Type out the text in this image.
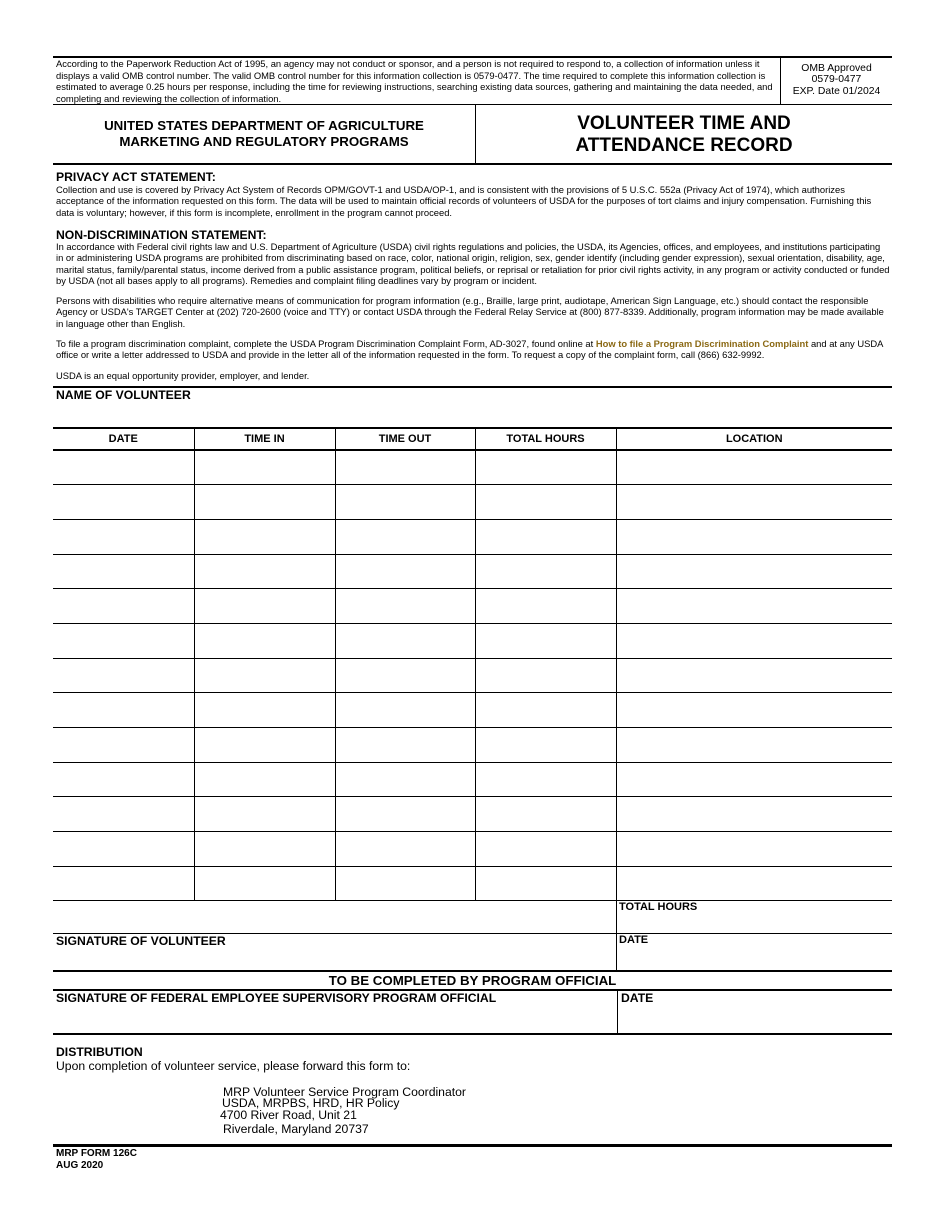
According to the Paperwork Reduction Act of 1995, an agency may not conduct or sponsor, and a person is not required to respond to, a collection of information unless it displays a valid OMB control number. The valid OMB control number for this information collection is 0579-0477. The time required to complete this information collection is estimated to average 0.25 hours per response, including the time for reviewing instructions, searching existing data sources, gathering and maintaining the data needed, and completing and reviewing the collection of information.
OMB Approved
0579-0477
EXP. Date 01/2024
UNITED STATES DEPARTMENT OF AGRICULTURE
MARKETING AND REGULATORY PROGRAMS
VOLUNTEER TIME AND
ATTENDANCE RECORD
PRIVACY ACT STATEMENT:
Collection and use is covered by Privacy Act System of Records OPM/GOVT-1 and USDA/OP-1, and is consistent with the provisions of 5 U.S.C. 552a (Privacy Act of 1974), which authorizes acceptance of the information requested on this form. The data will be used to maintain official records of volunteers of USDA for the purposes of tort claims and injury compensation. Furnishing this data is voluntary; however, if this form is incomplete, enrollment in the program cannot proceed.
NON-DISCRIMINATION STATEMENT:
In accordance with Federal civil rights law and U.S. Department of Agriculture (USDA) civil rights regulations and policies, the USDA, its Agencies, offices, and employees, and institutions participating in or administering USDA programs are prohibited from discriminating based on race, color, national origin, religion, sex, gender identify (including gender expression), sexual orientation, disability, age, marital status, family/parental status, income derived from a public assistance program, political beliefs, or reprisal or retaliation for prior civil rights activity, in any program or activity conducted or funded by USDA (not all bases apply to all programs). Remedies and complaint filing deadlines vary by program or incident.
Persons with disabilities who require alternative means of communication for program information (e.g., Braille, large print, audiotape, American Sign Language, etc.) should contact the responsible Agency or USDA's TARGET Center at (202) 720-2600 (voice and TTY) or contact USDA through the Federal Relay Service at (800) 877-8339. Additionally, program information may be made available in language other than English.
To file a program discrimination complaint, complete the USDA Program Discrimination Complaint Form, AD-3027, found online at How to file a Program Discrimination Complaint and at any USDA office or write a letter addressed to USDA and provide in the letter all of the information requested in the form. To request a copy of the complaint form, call (866) 632-9992.
USDA is an equal opportunity provider, employer, and lender.
NAME OF VOLUNTEER
DATE	TIME IN	TIME OUT	TOTAL HOURS	LOCATION

TOTAL HOURS
SIGNATURE OF VOLUNTEER	DATE
TO BE COMPLETED BY PROGRAM OFFICIAL
SIGNATURE OF FEDERAL EMPLOYEE SUPERVISORY PROGRAM OFFICIAL	DATE
DISTRIBUTION
Upon completion of volunteer service, please forward this form to:
MRP Volunteer Service Program Coordinator
USDA, MRPBS, HRD, HR Policy
4700 River Road, Unit 21
Riverdale, Maryland 20737
MRP FORM 126C
AUG 2020
